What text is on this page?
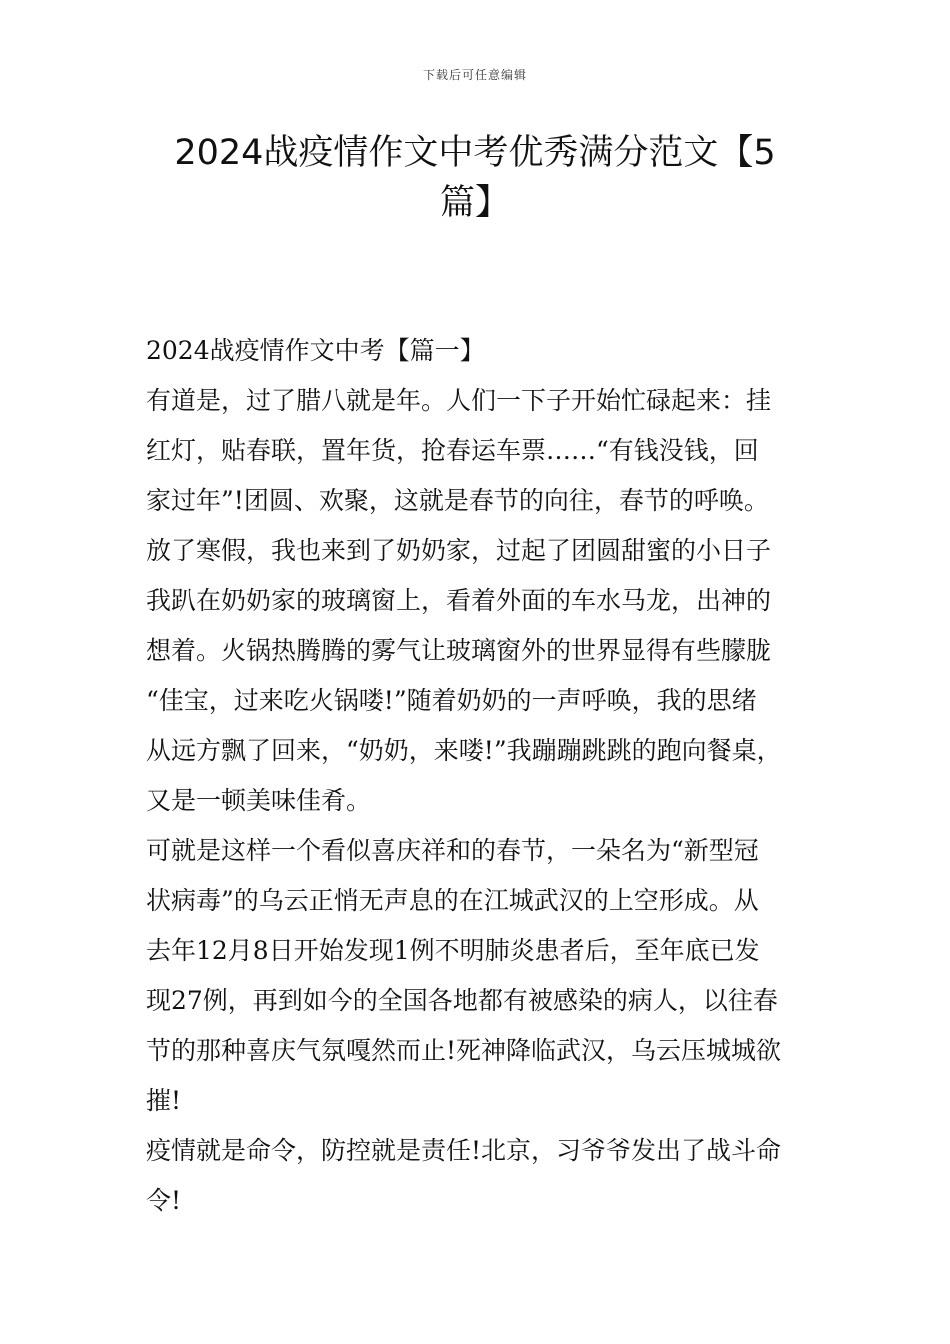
下载后可任意编辑
2024战疫情作文中考优秀满分范文【5
篇】
2024战疫情作文中考【篇一】
有道是，过了腊八就是年。人们一下子开始忙碌起来：挂
红灯，贴春联，置年货，抢春运车票……“有钱没钱，回
家过年”!团圆、欢聚，这就是春节的向往，春节的呼唤。
放了寒假，我也来到了奶奶家，过起了团圆甜蜜的小日子
我趴在奶奶家的玻璃窗上，看着外面的车水马龙，出神的
想着。火锅热腾腾的雾气让玻璃窗外的世界显得有些朦胧
“佳宝，过来吃火锅喽!”随着奶奶的一声呼唤，我的思绪
从远方飘了回来，“奶奶，来喽!”我蹦蹦跳跳的跑向餐桌，
又是一顿美味佳肴。
可就是这样一个看似喜庆祥和的春节，一朵名为“新型冠
状病毒”的乌云正悄无声息的在江城武汉的上空形成。从
去年12月8日开始发现1例不明肺炎患者后，至年底已发
现27例，再到如今的全国各地都有被感染的病人，以往春
节的那种喜庆气氛嘎然而止!死神降临武汉，乌云压城城欲
摧!
疫情就是命令，防控就是责任!北京，习爷爷发出了战斗命
令!
